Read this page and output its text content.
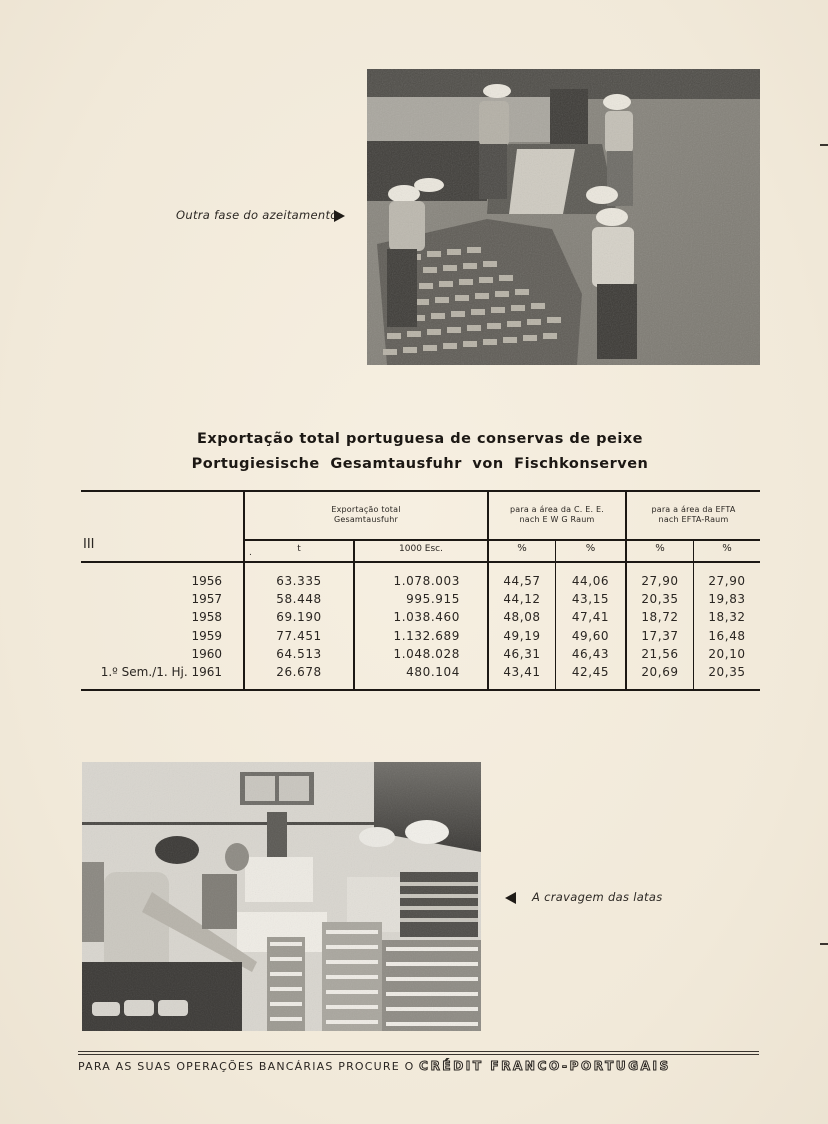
Outra fase do azeitamento
Exportação total portuguesa de conservas de peixe
Portugiesische Gesamtausfuhr von Fischkonserven
III
Exportação total
Gesamtausfuhr
para a área da C. E. E.
nach E W G Raum
para a área da EFTA
nach EFTA-Raum
.	t	1000 Esc.	%	%	%	%
1956	63.335	1.078.003	44,57	44,06	27,90	27,90
1957	58.448	995.915	44,12	43,15	20,35	19,83
1958	69.190	1.038.460	48,08	47,41	18,72	18,32
1959	77.451	1.132.689	49,19	49,60	17,37	16,48
1960	64.513	1.048.028	46,31	46,43	21,56	20,10
1.º Sem./1. Hj. 1961	26.678	480.104	43,41	42,45	20,69	20,35
A cravagem das latas
PARA AS SUAS OPERAÇÕES BANCÁRIAS PROCURE O CRÉDIT FRANCO-PORTUGAIS
